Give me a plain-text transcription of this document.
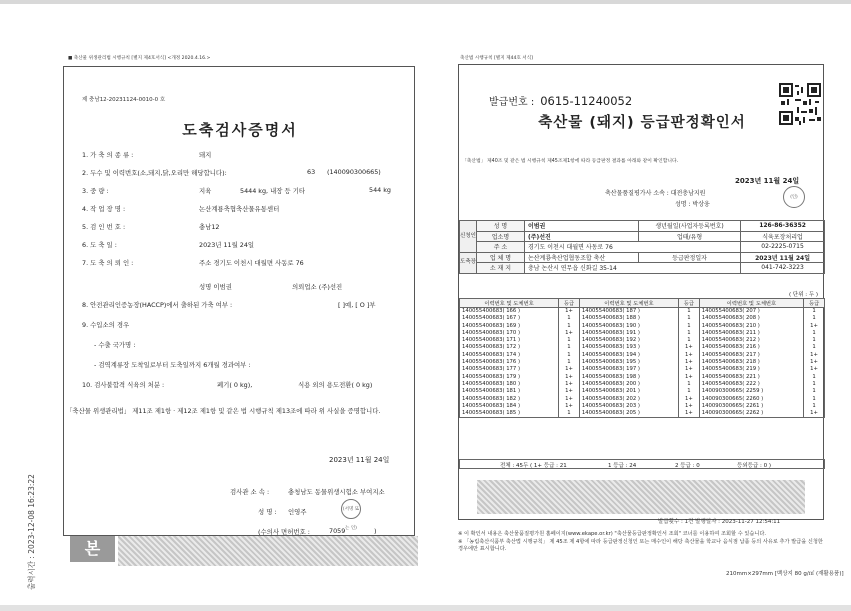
출력시간 : 2023-12-08 16:23:22
■ 축산물 위생관리법 시행규칙 [별지 제4호서식] <개정 2020.4.16.>
제 충남12-20231124-0010-0 호
도축검사증명서
1. 가 축 의 종 류 :	돼지
2. 두수 및 이력번호(소,돼지,닭,오리만 해당합니다):	63 (140090300665)
3. 중 량 :	지육	5444 kg, 내장 등 기타	544 kg
4. 작 업 장 명 :	논산계룡축협축산물유통센터
5. 검 인 번 호 :	충남12
6. 도 축 일 :	2023년 11월 24일
7. 도 축 의 뢰 인 :	주소 경기도 이천시 대월면 사동로 76
성명 이범권	의뢰업소 (주)선진
8. 안전관리인증농장(HACCP)에서 출하된 가축 여부 :	[ ]예, [ O ]부
9. 수입소의 경우
- 수출 국가명 :
- 검역계류장 도착일로부터 도축일까지 6개월 경과여부 :
10. 검사불합격 식육의 처분 :	폐기( 0 kg),	식용 외의 용도전환( 0 kg)
「축산물 위생관리법」 제11조 제1항 · 제12조 제1항 및 같은 법 시행규칙 제13조에 따라 위 사실을 증명합니다.
2023년 11월 24일
검사관 소 속 :	충청남도 동물위생시험소 부여지소
성 명 : 인영주	(서명 또는 인)
(수의사 면허번호 :	7059	)
본
축산법 시행규칙 [별지 제44호 서식]
발급번호 : 0615-11240052
축산물 (돼지) 등급판정확인서
「축산법」 제40조 및 같은 법 시행규칙 제45조제1항에 따라 등급판정 결과를 아래와 같이 확인합니다.
2023년 11월 24일
축산물품질평가사 소속 : 대전충남지원
성명 : 박상웅
(인)
신청인	성 명	이범권	생년월일(사업자등록번호)	126-86-36352
	업소명	(주)선진	업태/유형	식육포장처리업
	주 소	경기도 이천시 대월면 사동로 76		02-2225-0715
도축장	업 체 명	논산계룡축산업협동조합 축산	등급판정일자	2023년 11월 24일
	소 재 지	충남 논산시 연무읍 신화길 35-14		041-742-3223
( 단위 : 두 )
이력번호 및 도체번호	등급	이력번호 및 도체번호	등급	이력번호 및 도체번호	등급
140055400683( 166 )	1+	140055400683( 187 )	1	140055400683( 207 )	1
140055400683( 167 )	1	140055400683( 188 )	1	140055400683( 208 )	1
140055400683( 169 )	1	140055400683( 190 )	1	140055400683( 210 )	1+
140055400683( 170 )	1+	140055400683( 191 )	1	140055400683( 211 )	1
140055400683( 171 )	1	140055400683( 192 )	1	140055400683( 212 )	1
140055400683( 172 )	1	140055400683( 193 )	1+	140055400683( 216 )	1
140055400683( 174 )	1	140055400683( 194 )	1+	140055400683( 217 )	1+
140055400683( 176 )	1	140055400683( 195 )	1+	140055400683( 218 )	1+
140055400683( 177 )	1+	140055400683( 197 )	1+	140055400683( 219 )	1+
140055400683( 179 )	1+	140055400683( 198 )	1+	140055400683( 221 )	1
140055400683( 180 )	1+	140055400683( 200 )	1	140055400683( 222 )	1
140055400683( 181 )	1+	140055400683( 201 )	1	140090300665( 2259 )	1
140055400683( 182 )	1+	140055400683( 202 )	1+	140090300665( 2260 )	1
140055400683( 184 )	1+	140055400683( 203 )	1+	140090300665( 2261 )	1
140055400683( 185 )	1	140055400683( 205 )	1+	140090300665( 2262 )	1+
전체 : 45두 ( 1+ 등급 : 21	1 등급 : 24	2 등급 : 0	등외등급 : 0 )
발급횟수 : 1건 발행일자 : 2023-11-27 12:54:11
※ 이 확인서 내용은 축산물품질평가원 홈페이지(www.ekape.or.kr) "축산물등급판정확인서 조회" 코너를 이용하여 조회할 수 있습니다.
※ 「농림축산식품부 축산법 시행규칙」 제 45조 제 4항에 따라 등급판정신청인 또는 매수인이 해당 축산물을 학교나 음식점 납품 등의 사유로 추가 발급을 신청한 경우에만 표시합니다.
210mm×297mm [백상지 80 g/㎡ (재활용품)]
